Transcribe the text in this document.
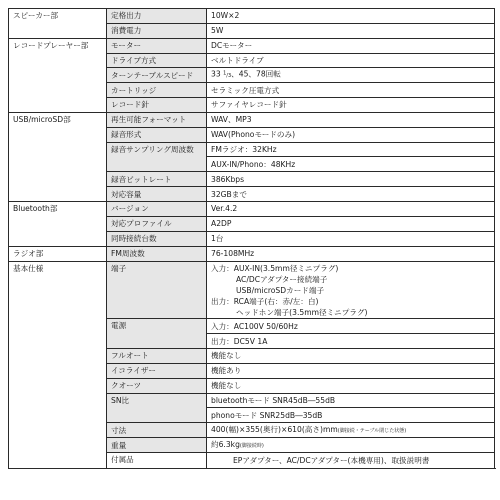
スピーカー部	定格出力	10W×2
	消費電力	5W
レコードプレーヤー部	モーター	DCモーター
	ドライブ方式	ベルトドライブ
	ターンテーブルスピード	33 1/3、45、78回転
	カートリッジ	セラミック圧電方式
	レコード針	サファイヤレコード針
USB/microSD部	再生可能フォーマット	WAV、MP3
	録音形式	WAV(Phonoモードのみ)
	録音サンプリング周波数	FMラジオ：32KHz
		AUX-IN/Phono：48KHz
	録音ビットレート	386Kbps
	対応容量	32GBまで
Bluetooth部	バージョン	Ver.4.2
	対応プロファイル	A2DP
	同時接続台数	1台
ラジオ部	FM周波数	76-108MHz
基本仕様	端子	入力：AUX-IN(3.5mm径ミニプラグ)
AC/DCアダプター接続端子
USB/microSDカード端子
出力：RCA端子(右：赤/左：白)
ヘッドホン端子(3.5mm径ミニプラグ)

	電源	入力：AC100V 50/60Hz
		出力：DC5V 1A
	フルオート	機能なし
	イコライザー	機能あり
	クオーツ	機能なし
	SN比	bluetoothモード SNR45dB―55dB
		phonoモード SNR25dB―35dB
	寸法	400(幅)×355(奥行)×610(高さ)mm(脚接続・テーブル閉じた状態)
	重量	約6.3kg(脚接続時)
	付属品	EPアダプター、AC/DCアダプター(本機専用)、取扱説明書
